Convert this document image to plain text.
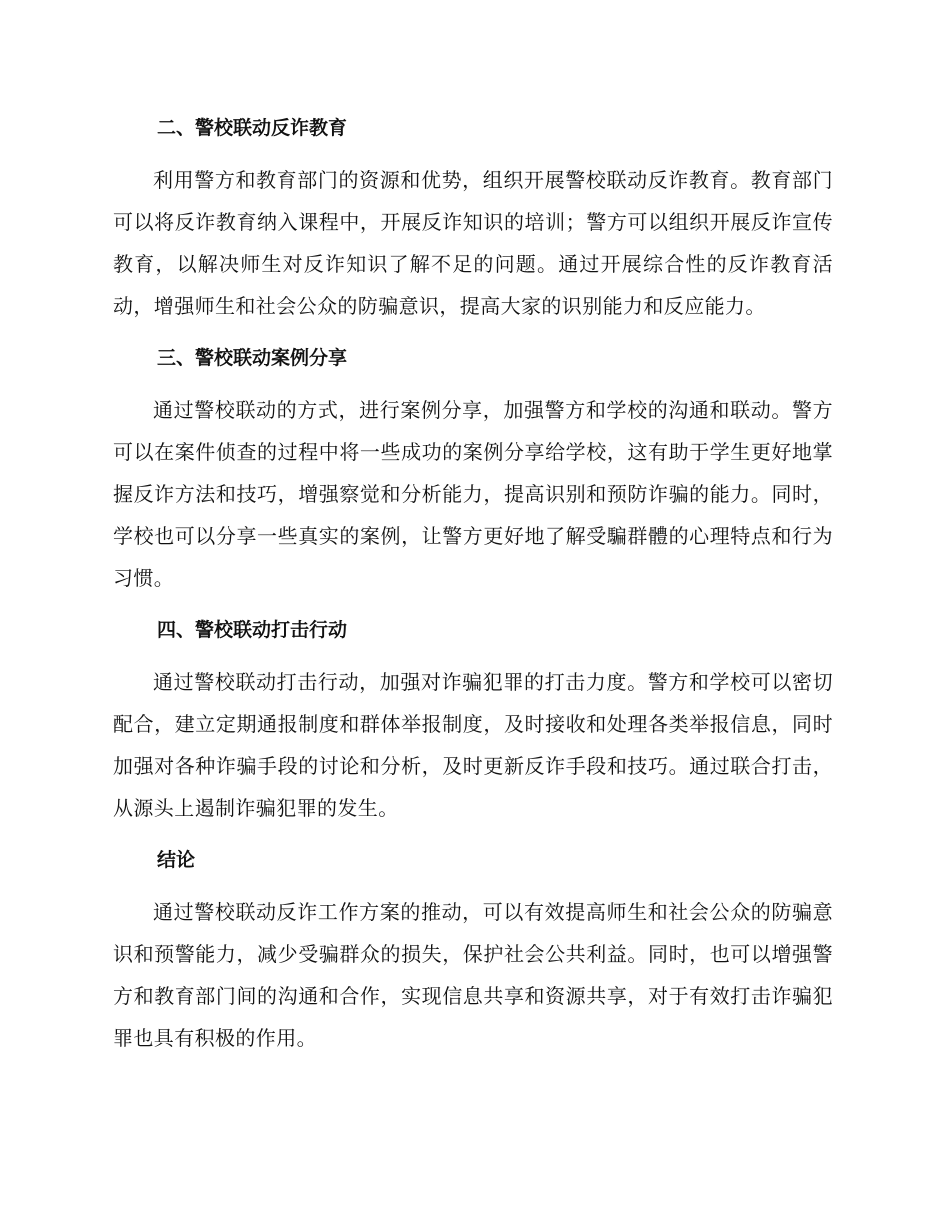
二、警校联动反诈教育

利用警方和教育部门的资源和优势，组织开展警校联动反诈教育。教育部门可以将反诈教育纳入课程中，开展反诈知识的培训；警方可以组织开展反诈宣传教育，以解决师生对反诈知识了解不足的问题。通过开展综合性的反诈教育活动，增强师生和社会公众的防骗意识，提高大家的识别能力和反应能力。

三、警校联动案例分享

通过警校联动的方式，进行案例分享，加强警方和学校的沟通和联动。警方可以在案件侦查的过程中将一些成功的案例分享给学校，这有助于学生更好地掌握反诈方法和技巧，增强察觉和分析能力，提高识别和预防诈骗的能力。同时，学校也可以分享一些真实的案例，让警方更好地了解受騙群體的心理特点和行为习惯。

四、警校联动打击行动

通过警校联动打击行动，加强对诈骗犯罪的打击力度。警方和学校可以密切配合，建立定期通报制度和群体举报制度，及时接收和处理各类举报信息，同时加强对各种诈骗手段的讨论和分析，及时更新反诈手段和技巧。通过联合打击，从源头上遏制诈骗犯罪的发生。

结论

通过警校联动反诈工作方案的推动，可以有效提高师生和社会公众的防骗意识和预警能力，减少受骗群众的损失，保护社会公共利益。同时，也可以增强警方和教育部门间的沟通和合作，实现信息共享和资源共享，对于有效打击诈骗犯罪也具有积极的作用。
